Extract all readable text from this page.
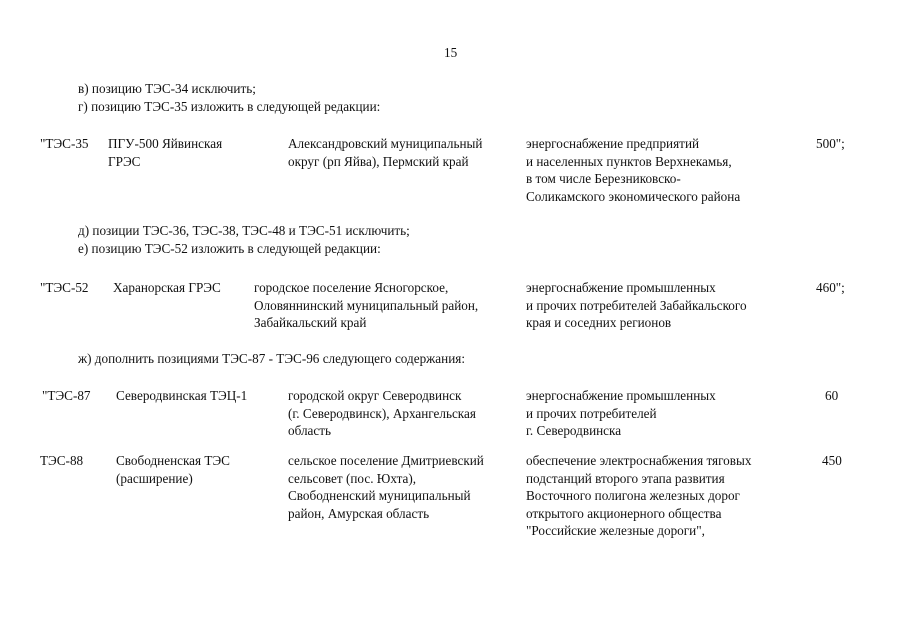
15
в) позицию ТЭС-34 исключить;
г) позицию ТЭС-35 изложить в следующей редакции:
"ТЭС-35 ПГУ-500 Яйвинская
ГРЭС
Александровский муниципальный
округ (рп Яйва), Пермский край
энергоснабжение предприятий
и населенных пунктов Верхнекамья,
в том числе Березниковско-
Соликамского экономического района
500";
д) позиции ТЭС-36, ТЭС-38, ТЭС-48 и ТЭС-51 исключить;
е) позицию ТЭС-52 изложить в следующей редакции:
"ТЭС-52 Харанорская ГРЭС	городское поселение Ясногорское,
Оловяннинский муниципальный район,
Забайкальский край
энергоснабжение промышленных
и прочих потребителей Забайкальского
края и соседних регионов
460";
ж) дополнить позициями ТЭС-87 - ТЭС-96 следующего содержания:
"ТЭС-87 Северодвинская ТЭЦ-1	городской округ Северодвинск
(г. Северодвинск), Архангельская
область
энергоснабжение промышленных
и прочих потребителей
г. Северодвинска
60
ТЭС-88 Свободненская ТЭС
(расширение)
сельское поселение Дмитриевский
сельсовет (пос. Юхта),
Свободненский муниципальный
район, Амурская область
обеспечение электроснабжения тяговых
подстанций второго этапа развития
Восточного полигона железных дорог
открытого акционерного общества
"Российские железные дороги",
450
